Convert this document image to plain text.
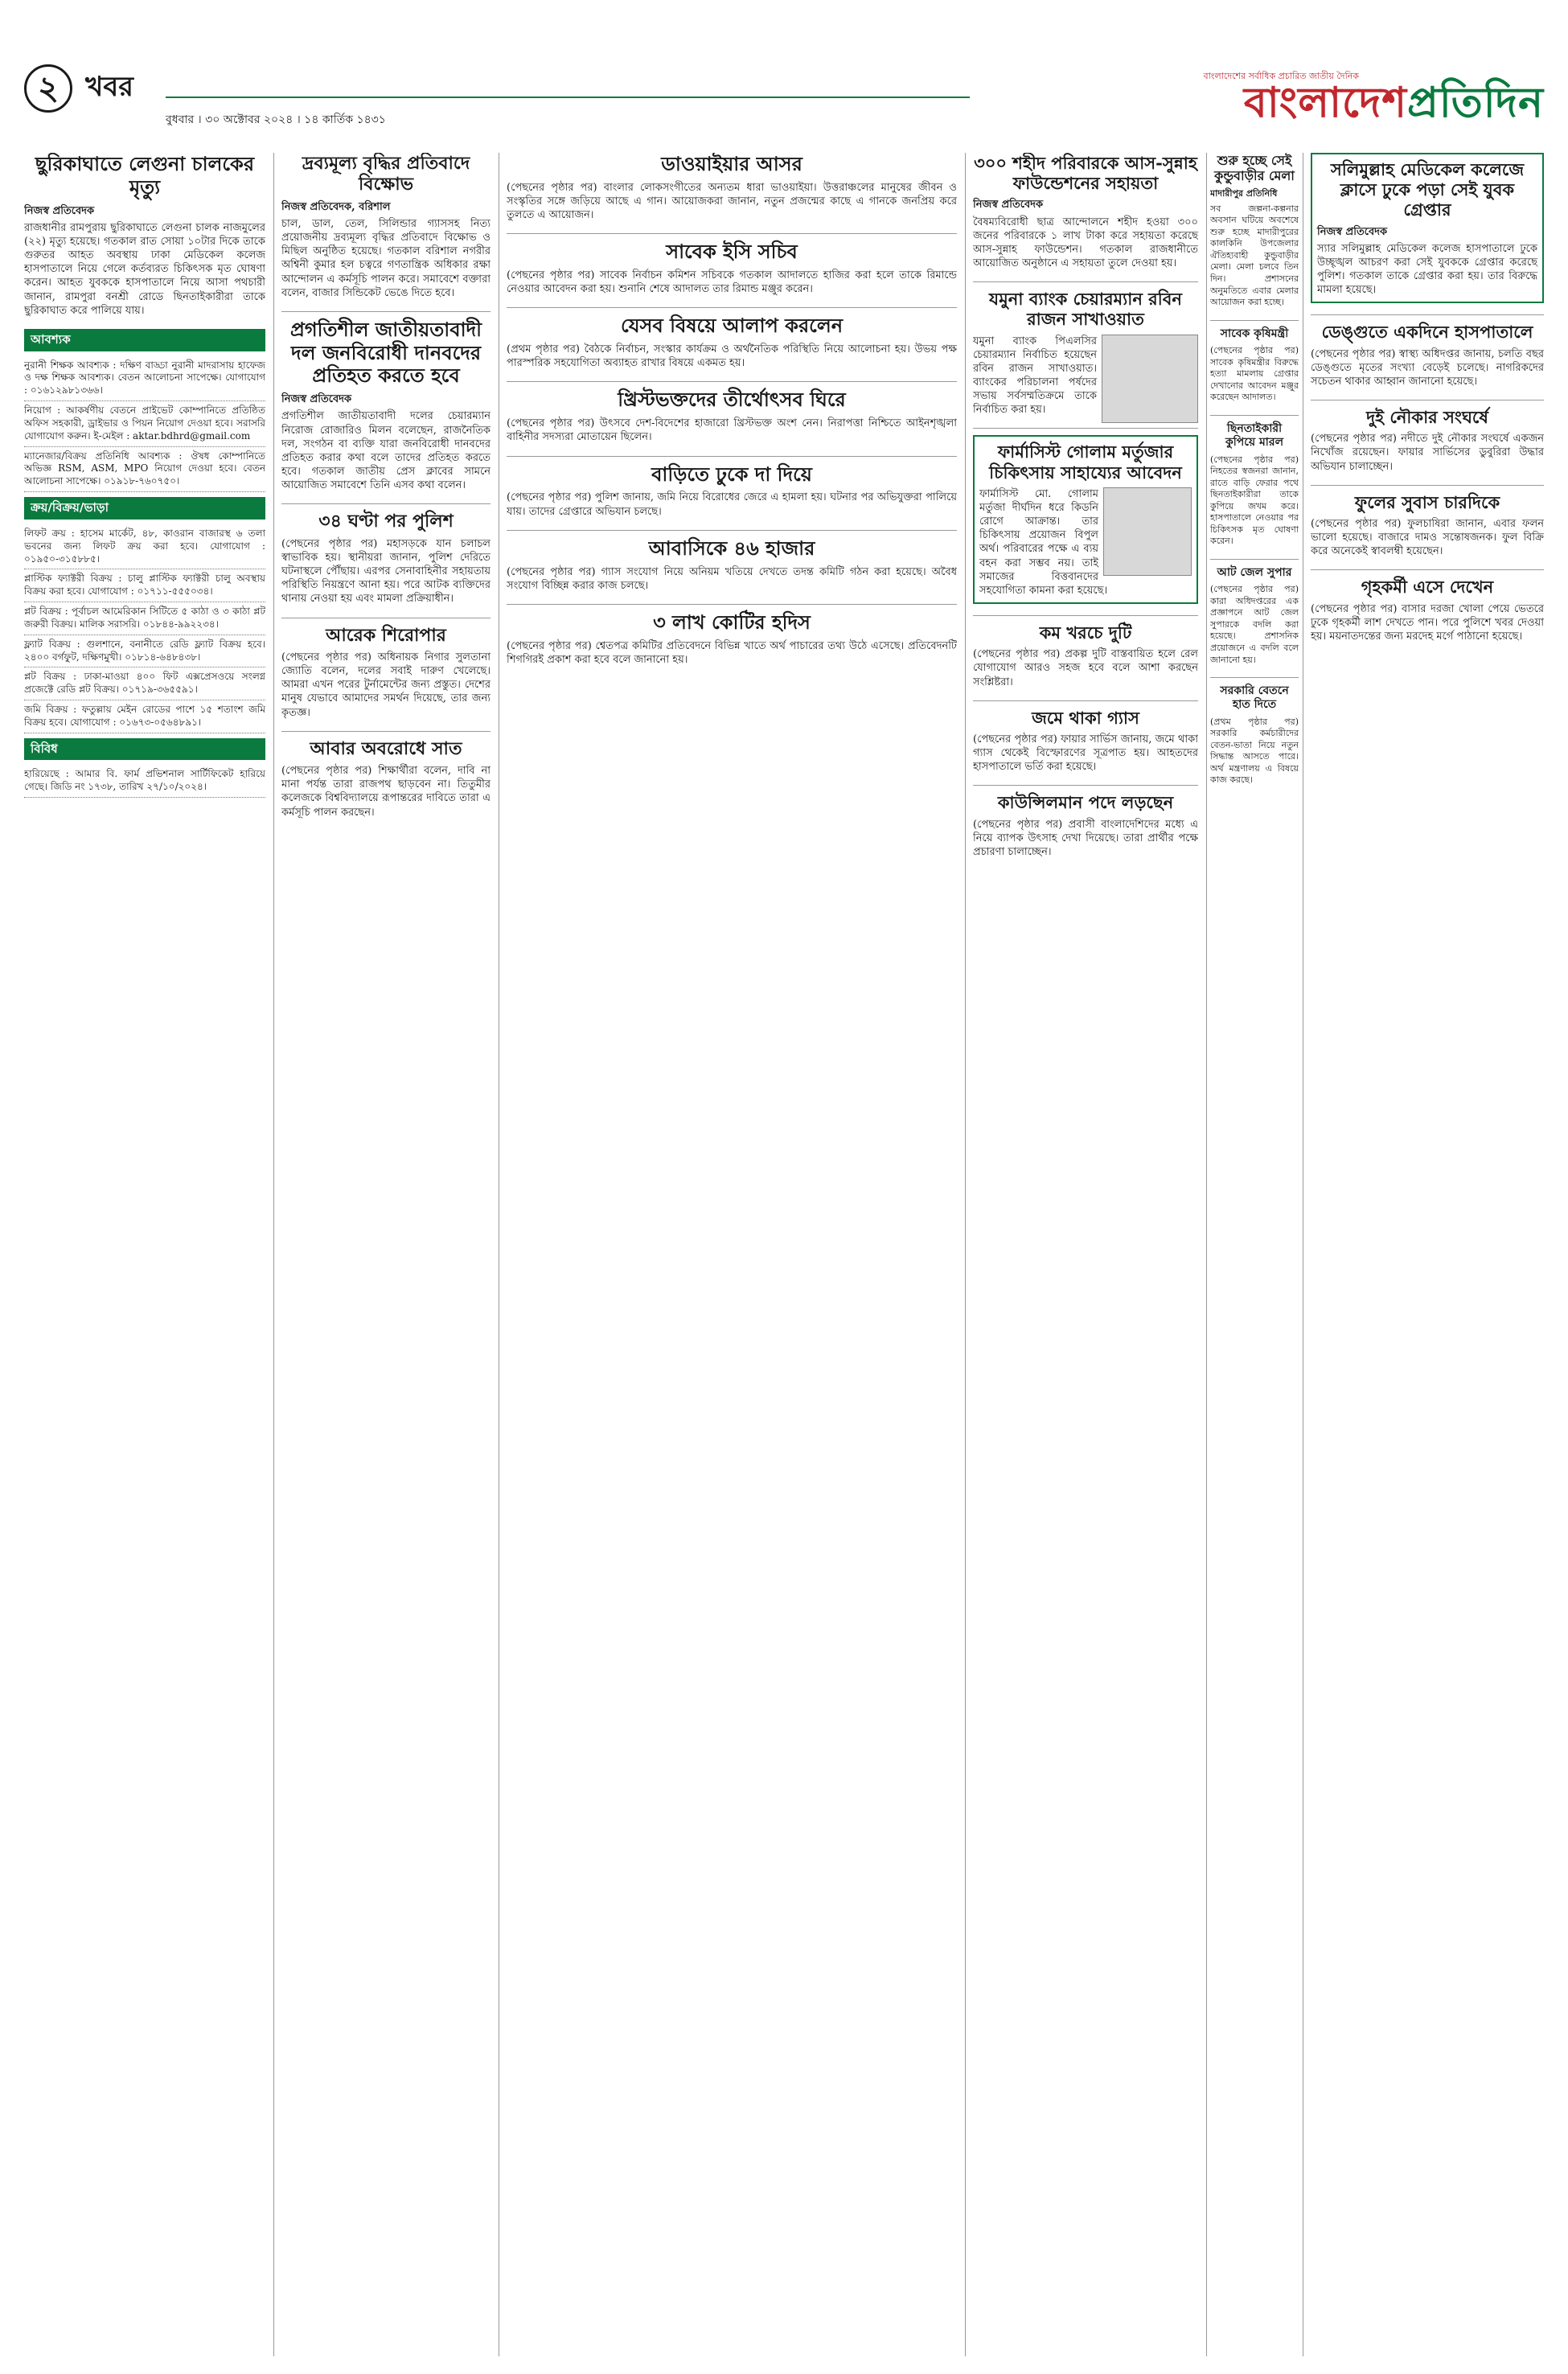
২ খবর
বুধবার । ৩০ অক্টোবর ২০২৪ । ১৪ কার্তিক ১৪৩১
বাংলাদেশের সর্বাধিক প্রচারিত জাতীয় দৈনিক
বাংলাদেশপ্রতিদিন
ছুরিকাঘাতে লেগুনা চালকের মৃত্যু
নিজস্ব প্রতিবেদক
রাজধানীর রামপুরায় ছুরিকাঘাতে লেগুনা চালক নাজমুলের (২২) মৃত্যু হয়েছে। গতকাল রাত সোয়া ১০টার দিকে তাকে গুরুতর আহত অবস্থায় ঢাকা মেডিকেল কলেজ হাসপাতালে নিয়ে গেলে কর্তব্যরত চিকিৎসক মৃত ঘোষণা করেন। আহত যুবককে হাসপাতালে নিয়ে আসা পথচারী জানান, রামপুরা বনশ্রী রোডে ছিনতাইকারীরা তাকে ছুরিকাঘাত করে পালিয়ে যায়।
আবশ্যক
নুরানী শিক্ষক আবশ্যক : দক্ষিণ বাড্ডা নুরানী মাদরাসায় হাফেজ ও দক্ষ শিক্ষক আবশ্যক। বেতন আলোচনা সাপেক্ষে। যোগাযোগ : ০১৬১২৯৮১৩৬৬।
নিয়োগ : আকর্ষণীয় বেতনে প্রাইভেট কোম্পানিতে প্রতিষ্ঠিত অফিস সহকারী, ড্রাইভার ও পিয়ন নিয়োগ দেওয়া হবে। সরাসরি যোগাযোগ করুন। ই-মেইল : aktar.bdhrd@gmail.com
ম্যানেজার/বিক্রয় প্রতিনিধি আবশ্যক : ঔষধ কোম্পানিতে অভিজ্ঞ RSM, ASM, MPO নিয়োগ দেওয়া হবে। বেতন আলোচনা সাপেক্ষে। ০১৯১৮-৭৬০৭৫০।
ক্রয়/বিক্রয়/ভাড়া
লিফট ক্রয় : হাসেম মার্কেট, ৪৮, কাওরান বাজারস্থ ৬ তলা ভবনের জন্য লিফট ক্রয় করা হবে। যোগাযোগ : ০১৯৫০-৩১৫৮৮৫।
প্লাস্টিক ফ্যাক্টরী বিক্রয় : চালু প্লাস্টিক ফ্যাক্টরী চালু অবস্থায় বিক্রয় করা হবে। যোগাযোগ : ০১৭১১-৫৫৫০৩৪।
প্লট বিক্রয় : পূর্বাচল আমেরিকান সিটিতে ৫ কাঠা ও ৩ কাঠা প্লট জরুরী বিক্রয়। মালিক সরাসরি। ০১৮৪৪-৯৯২২৩৪।
ফ্ল্যাট বিক্রয় : গুলশানে, বনানীতে রেডি ফ্ল্যাট বিক্রয় হবে। ২৪০০ বর্গফুট, দক্ষিণমুখী। ০১৮১৪-৬৪৮৪৩৮।
প্লট বিক্রয় : ঢাকা-মাওয়া ৪০০ ফিট এক্সপ্রেসওয়ে সংলগ্ন প্রজেক্টে রেডি প্লট বিক্রয়। ০১৭১৯-৩৬৫৫৯১।
জমি বিক্রয় : ফতুল্লায় মেইন রোডের পাশে ১৫ শতাংশ জমি বিক্রয় হবে। যোগাযোগ : ০১৬৭৩-০৫৬৪৮৯১।
বিবিধ
হারিয়েছে : আমার বি. ফার্ম প্রভিশনাল সার্টিফিকেট হারিয়ে গেছে। জিডি নং ১৭৩৮, তারিখ ২৭/১০/২০২৪।
দ্রব্যমূল্য বৃদ্ধির প্রতিবাদে বিক্ষোভ
নিজস্ব প্রতিবেদক, বরিশাল
চাল, ডাল, তেল, সিলিন্ডার গ্যাসসহ নিত্য প্রয়োজনীয় দ্রব্যমূল্য বৃদ্ধির প্রতিবাদে বিক্ষোভ ও মিছিল অনুষ্ঠিত হয়েছে। গতকাল বরিশাল নগরীর অশ্বিনী কুমার হল চত্বরে গণতান্ত্রিক অধিকার রক্ষা আন্দোলন এ কর্মসূচি পালন করে। সমাবেশে বক্তারা বলেন, বাজার সিন্ডিকেট ভেঙে দিতে হবে।
প্রগতিশীল জাতীয়তাবাদী দল জনবিরোধী দানবদের প্রতিহত করতে হবে
নিজস্ব প্রতিবেদক
প্রগতিশীল জাতীয়তাবাদী দলের চেয়ারম্যান নিরোজ রোজারিও মিলন বলেছেন, রাজনৈতিক দল, সংগঠন বা ব্যক্তি যারা জনবিরোধী দানবদের প্রতিহত করার কথা বলে তাদের প্রতিহত করতে হবে। গতকাল জাতীয় প্রেস ক্লাবের সামনে আয়োজিত সমাবেশে তিনি এসব কথা বলেন।
৩৪ ঘণ্টা পর পুলিশ
(পেছনের পৃষ্ঠার পর) মহাসড়কে যান চলাচল স্বাভাবিক হয়। স্থানীয়রা জানান, পুলিশ দেরিতে ঘটনাস্থলে পৌঁছায়। এরপর সেনাবাহিনীর সহায়তায় পরিস্থিতি নিয়ন্ত্রণে আনা হয়। পরে আটক ব্যক্তিদের থানায় নেওয়া হয় এবং মামলা প্রক্রিয়াধীন।
আরেক শিরোপার
(পেছনের পৃষ্ঠার পর) অধিনায়ক নিগার সুলতানা জ্যোতি বলেন, দলের সবাই দারুণ খেলেছে। আমরা এখন পরের টুর্নামেন্টের জন্য প্রস্তুত। দেশের মানুষ যেভাবে আমাদের সমর্থন দিয়েছে, তার জন্য কৃতজ্ঞ।
আবার অবরোধে সাত
(পেছনের পৃষ্ঠার পর) শিক্ষার্থীরা বলেন, দাবি না মানা পর্যন্ত তারা রাজপথ ছাড়বেন না। তিতুমীর কলেজকে বিশ্ববিদ্যালয়ে রূপান্তরের দাবিতে তারা এ কর্মসূচি পালন করছেন।
ডাওয়াইয়ার আসর
(পেছনের পৃষ্ঠার পর) বাংলার লোকসংগীতের অন্যতম ধারা ভাওয়াইয়া। উত্তরাঞ্চলের মানুষের জীবন ও সংস্কৃতির সঙ্গে জড়িয়ে আছে এ গান। আয়োজকরা জানান, নতুন প্রজন্মের কাছে এ গানকে জনপ্রিয় করে তুলতে এ আয়োজন।
সাবেক ইসি সচিব
(পেছনের পৃষ্ঠার পর) সাবেক নির্বাচন কমিশন সচিবকে গতকাল আদালতে হাজির করা হলে তাকে রিমান্ডে নেওয়ার আবেদন করা হয়। শুনানি শেষে আদালত তার রিমান্ড মঞ্জুর করেন।
যেসব বিষয়ে আলাপ করলেন
(প্রথম পৃষ্ঠার পর) বৈঠকে নির্বাচন, সংস্কার কার্যক্রম ও অর্থনৈতিক পরিস্থিতি নিয়ে আলোচনা হয়। উভয় পক্ষ পারস্পরিক সহযোগিতা অব্যাহত রাখার বিষয়ে একমত হয়।
খ্রিস্টভক্তদের তীর্থোৎসব ঘিরে
(পেছনের পৃষ্ঠার পর) উৎসবে দেশ-বিদেশের হাজারো খ্রিস্টভক্ত অংশ নেন। নিরাপত্তা নিশ্চিতে আইনশৃঙ্খলা বাহিনীর সদস্যরা মোতায়েন ছিলেন।
বাড়িতে ঢুকে দা দিয়ে
(পেছনের পৃষ্ঠার পর) পুলিশ জানায়, জমি নিয়ে বিরোধের জেরে এ হামলা হয়। ঘটনার পর অভিযুক্তরা পালিয়ে যায়। তাদের গ্রেপ্তারে অভিযান চলছে।
আবাসিকে ৪৬ হাজার
(পেছনের পৃষ্ঠার পর) গ্যাস সংযোগ নিয়ে অনিয়ম খতিয়ে দেখতে তদন্ত কমিটি গঠন করা হয়েছে। অবৈধ সংযোগ বিচ্ছিন্ন করার কাজ চলছে।
৩ লাখ কোটির হদিস
(পেছনের পৃষ্ঠার পর) শ্বেতপত্র কমিটির প্রতিবেদনে বিভিন্ন খাতে অর্থ পাচারের তথ্য উঠে এসেছে। প্রতিবেদনটি শিগগিরই প্রকাশ করা হবে বলে জানানো হয়।
৩০০ শহীদ পরিবারকে আস-সুন্নাহ ফাউন্ডেশনের সহায়তা
নিজস্ব প্রতিবেদক
বৈষম্যবিরোধী ছাত্র আন্দোলনে শহীদ হওয়া ৩০০ জনের পরিবারকে ১ লাখ টাকা করে সহায়তা করেছে আস-সুন্নাহ ফাউন্ডেশন। গতকাল রাজধানীতে আয়োজিত অনুষ্ঠানে এ সহায়তা তুলে দেওয়া হয়।
যমুনা ব্যাংক চেয়ারম্যান রবিন রাজন সাখাওয়াত
যমুনা ব্যাংক পিএলসির চেয়ারম্যান নির্বাচিত হয়েছেন রবিন রাজন সাখাওয়াত। ব্যাংকের পরিচালনা পর্ষদের সভায় সর্বসম্মতিক্রমে তাকে নির্বাচিত করা হয়।
ফার্মাসিস্ট গোলাম মর্তুজার চিকিৎসায় সাহায্যের আবেদন
ফার্মাসিস্ট মো. গোলাম মর্তুজা দীর্ঘদিন ধরে কিডনি রোগে আক্রান্ত। তার চিকিৎসায় প্রয়োজন বিপুল অর্থ। পরিবারের পক্ষে এ ব্যয় বহন করা সম্ভব নয়। তাই সমাজের বিত্তবানদের সহযোগিতা কামনা করা হয়েছে।
কম খরচে দুটি
(পেছনের পৃষ্ঠার পর) প্রকল্প দুটি বাস্তবায়িত হলে রেল যোগাযোগ আরও সহজ হবে বলে আশা করছেন সংশ্লিষ্টরা।
জমে থাকা গ্যাস
(পেছনের পৃষ্ঠার পর) ফায়ার সার্ভিস জানায়, জমে থাকা গ্যাস থেকেই বিস্ফোরণের সূত্রপাত হয়। আহতদের হাসপাতালে ভর্তি করা হয়েছে।
কাউন্সিলমান পদে লড়ছেন
(পেছনের পৃষ্ঠার পর) প্রবাসী বাংলাদেশিদের মধ্যে এ নিয়ে ব্যাপক উৎসাহ দেখা দিয়েছে। তারা প্রার্থীর পক্ষে প্রচারণা চালাচ্ছেন।
শুরু হচ্ছে সেই কুন্ডুবাড়ীর মেলা
মাদারীপুর প্রতিনিধি
সব জল্পনা-কল্পনার অবসান ঘটিয়ে অবশেষে শুরু হচ্ছে মাদারীপুরের কালকিনি উপজেলার ঐতিহ্যবাহী কুন্ডুবাড়ীর মেলা। মেলা চলবে তিন দিন। প্রশাসনের অনুমতিতে এবার মেলার আয়োজন করা হচ্ছে।
সাবেক কৃষিমন্ত্রী
(পেছনের পৃষ্ঠার পর) সাবেক কৃষিমন্ত্রীর বিরুদ্ধে হত্যা মামলায় গ্রেপ্তার দেখানোর আবেদন মঞ্জুর করেছেন আদালত।
ছিনতাইকারী কুপিয়ে মারল
(পেছনের পৃষ্ঠার পর) নিহতের স্বজনরা জানান, রাতে বাড়ি ফেরার পথে ছিনতাইকারীরা তাকে কুপিয়ে জখম করে। হাসপাতালে নেওয়ার পর চিকিৎসক মৃত ঘোষণা করেন।
আট জেল সুপার
(পেছনের পৃষ্ঠার পর) কারা অধিদপ্তরের এক প্রজ্ঞাপনে আট জেল সুপারকে বদলি করা হয়েছে। প্রশাসনিক প্রয়োজনে এ বদলি বলে জানানো হয়।
সরকারি বেতনে হাত দিতে
(প্রথম পৃষ্ঠার পর) সরকারি কর্মচারীদের বেতন-ভাতা নিয়ে নতুন সিদ্ধান্ত আসতে পারে। অর্থ মন্ত্রণালয় এ বিষয়ে কাজ করছে।
সলিমুল্লাহ মেডিকেল কলেজে ক্লাসে ঢুকে পড়া সেই যুবক গ্রেপ্তার
নিজস্ব প্রতিবেদক
স্যার সলিমুল্লাহ মেডিকেল কলেজ হাসপাতালে ঢুকে উচ্ছৃঙ্খল আচরণ করা সেই যুবককে গ্রেপ্তার করেছে পুলিশ। গতকাল তাকে গ্রেপ্তার করা হয়। তার বিরুদ্ধে মামলা হয়েছে।
ডেঙ্গুতে একদিনে হাসপাতালে
(পেছনের পৃষ্ঠার পর) স্বাস্থ্য অধিদপ্তর জানায়, চলতি বছর ডেঙ্গুতে মৃতের সংখ্যা বেড়েই চলেছে। নাগরিকদের সচেতন থাকার আহ্বান জানানো হয়েছে।
দুই নৌকার সংঘর্ষে
(পেছনের পৃষ্ঠার পর) নদীতে দুই নৌকার সংঘর্ষে একজন নিখোঁজ রয়েছেন। ফায়ার সার্ভিসের ডুবুরিরা উদ্ধার অভিযান চালাচ্ছেন।
ফুলের সুবাস চারদিকে
(পেছনের পৃষ্ঠার পর) ফুলচাষিরা জানান, এবার ফলন ভালো হয়েছে। বাজারে দামও সন্তোষজনক। ফুল বিক্রি করে অনেকেই স্বাবলম্বী হয়েছেন।
গৃহকর্মী এসে দেখেন
(পেছনের পৃষ্ঠার পর) বাসার দরজা খোলা পেয়ে ভেতরে ঢুকে গৃহকর্মী লাশ দেখতে পান। পরে পুলিশে খবর দেওয়া হয়। ময়নাতদন্তের জন্য মরদেহ মর্গে পাঠানো হয়েছে।
